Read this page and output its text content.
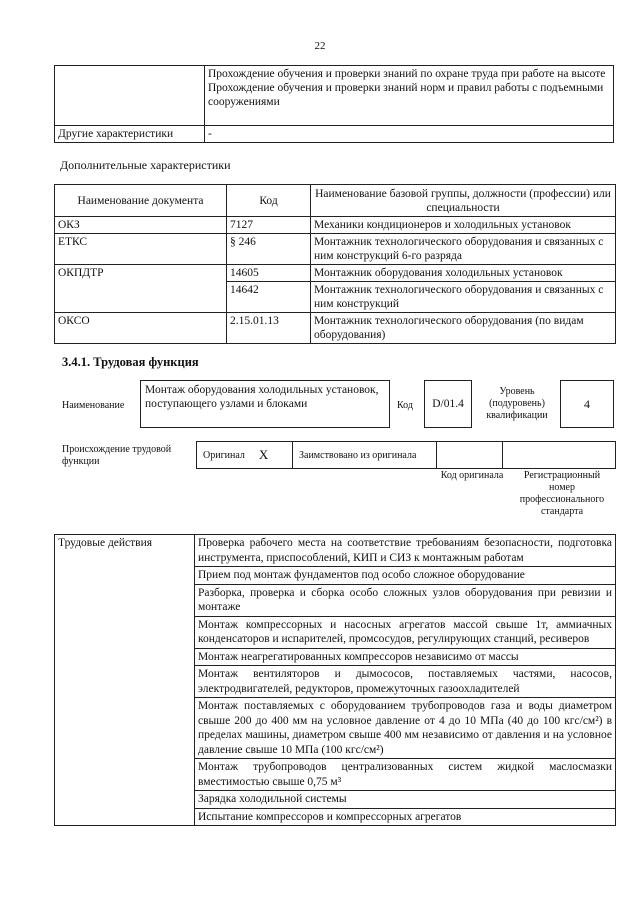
22

	Прохождение обучения и проверки знаний по охране труда при работе на высоте
Прохождение обучения и проверки знаний норм и правил работы с подъемными сооружениями

Другие характеристики	-
Дополнительные характеристики
Наименование документа	Код	Наименование базовой группы, должности (профессии) или специальности
ОКЗ	7127	Механики кондиционеров и холодильных установок
ЕТКС	§ 246	Монтажник технологического оборудования и связанных с ним конструкций 6-го разряда
ОКПДТР	14605	Монтажник оборудования холодильных установок
	14642	Монтажник технологического оборудования и связанных с ним конструкций
ОКСО	2.15.01.13	Монтажник технологического оборудования (по видам оборудования)
3.4.1. Трудовая функция
Наименование
Монтаж оборудования холодильных установок, поступающего узлами и блоками	Код	D/01.4
Уровень (подуровень) квалификации
4
Происхождение трудовой функции
Оригинал X	Заимствовано из оригинала
Код оригинала	Регистрационный номер профессионального стандарта
Трудовые действия	Проверка рабочего места на соответствие требованиям безопасности, подготовка инструмента, приспособлений, КИП и СИЗ к монтажным работам
Прием под монтаж фундаментов под особо сложное оборудование
Разборка, проверка и сборка особо сложных узлов оборудования при ревизии и монтаже
Монтаж компрессорных и насосных агрегатов массой свыше 1т, аммиачных конденсаторов и испарителей, промсосудов, регулирующих станций, ресиверов
Монтаж неагрегатированных компрессоров независимо от массы
Монтаж вентиляторов и дымососов, поставляемых частями, насосов, электродвигателей, редукторов, промежуточных газоохладителей
Монтаж поставляемых с оборудованием трубопроводов газа и воды диаметром свыше 200 до 400 мм на условное давление от 4 до 10 МПа (40 до 100 кгс/см²) в пределах машины, диаметром свыше 400 мм независимо от давления и на условное давление свыше 10 МПа (100 кгс/см²)
Монтаж трубопроводов централизованных систем жидкой маслосмазки вместимостью свыше 0,75 м³
Зарядка холодильной системы
Испытание компрессоров и компрессорных агрегатов
